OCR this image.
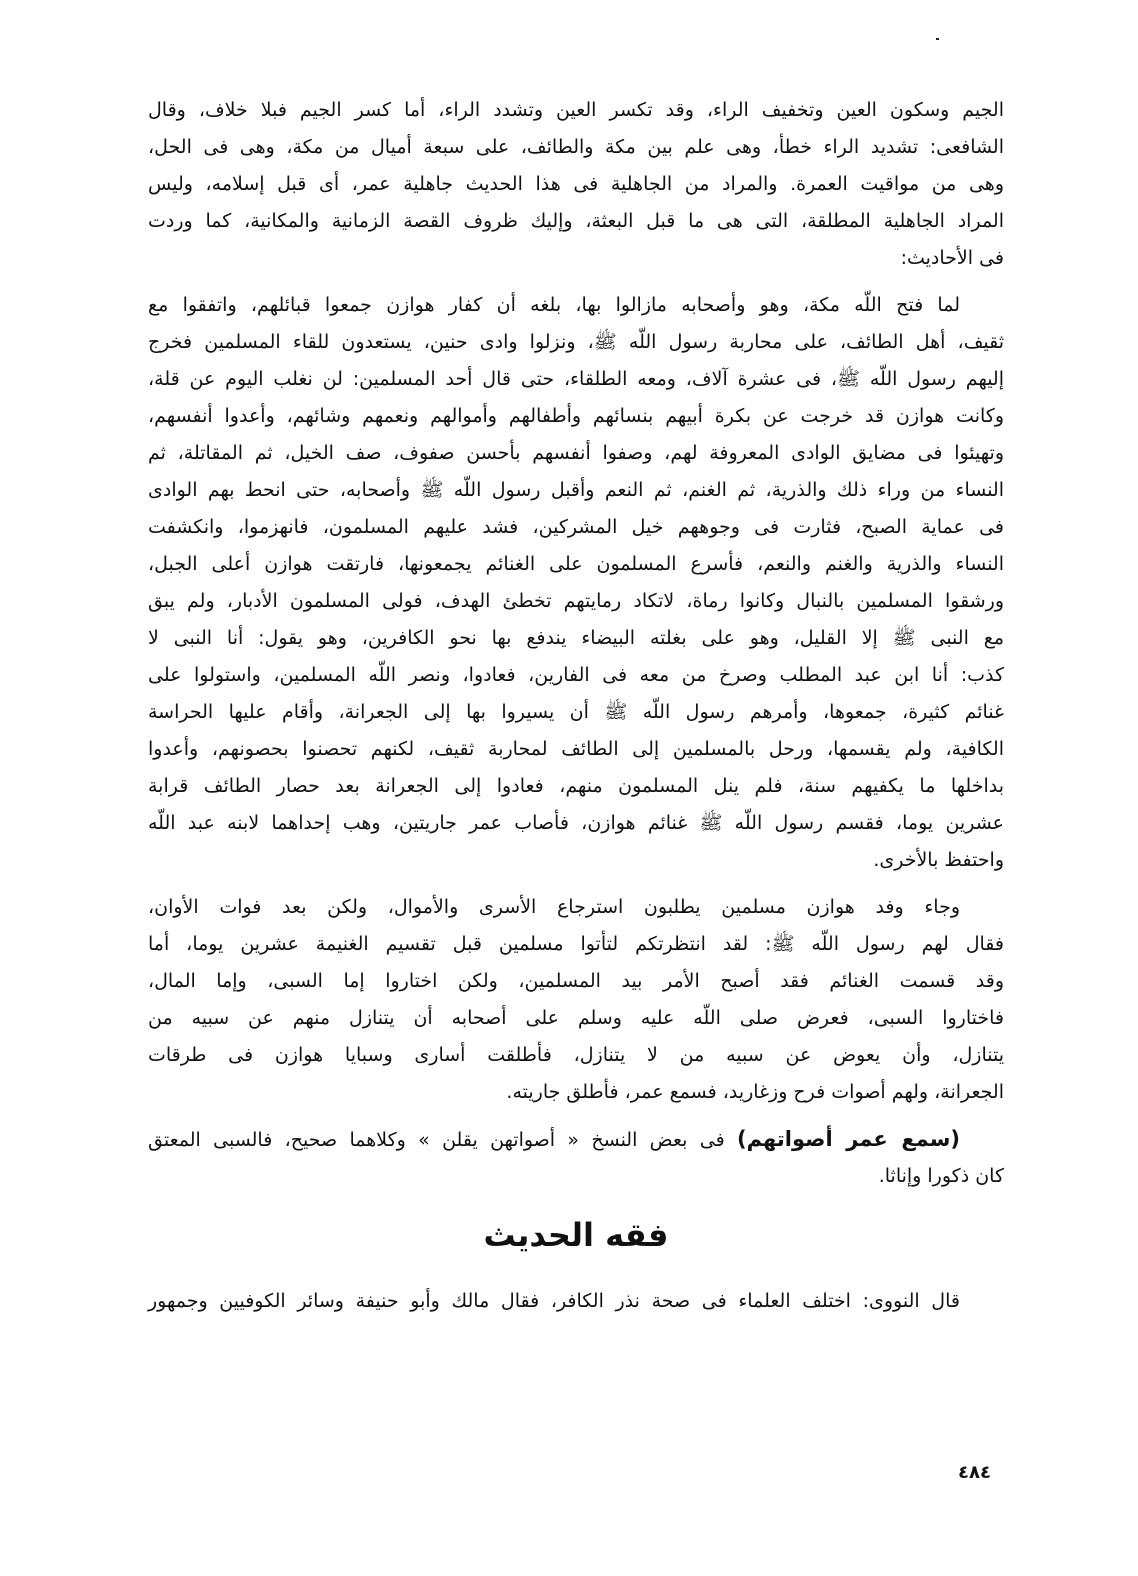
الجيم وسكون العين وتخفيف الراء، وقد تكسر العين وتشدد الراء، أما كسر الجيم فبلا خلاف، وقال
الشافعى: تشديد الراء خطأ، وهى علم بين مكة والطائف، على سبعة أميال من مكة، وهى فى الحل،
وهى من مواقيت العمرة. والمراد من الجاهلية فى هذا الحديث جاهلية عمر، أى قبل إسلامه، وليس
المراد الجاهلية المطلقة، التى هى ما قبل البعثة، وإليك ظروف القصة الزمانية والمكانية، كما وردت
فى الأحاديث:
لما فتح اللّه مكة، وهو وأصحابه مازالوا بها، بلغه أن كفار هوازن جمعوا قبائلهم، واتفقوا مع
ثقيف، أهل الطائف، على محاربة رسول اللّه ﷺ، ونزلوا وادى حنين، يستعدون للقاء المسلمين فخرج
إليهم رسول اللّه ﷺ، فى عشرة آلاف، ومعه الطلقاء، حتى قال أحد المسلمين: لن نغلب اليوم عن قلة،
وكانت هوازن قد خرجت عن بكرة أبيهم بنسائهم وأطفالهم وأموالهم ونعمهم وشائهم، وأعدوا أنفسهم،
وتهيئوا فى مضايق الوادى المعروفة لهم، وصفوا أنفسهم بأحسن صفوف، صف الخيل، ثم المقاتلة، ثم
النساء من وراء ذلك والذرية، ثم الغنم، ثم النعم وأقبل رسول اللّه ﷺ وأصحابه، حتى انحط بهم الوادى
فى عماية الصبح، فثارت فى وجوههم خيل المشركين، فشد عليهم المسلمون، فانهزموا، وانكشفت
النساء والذرية والغنم والنعم، فأسرع المسلمون على الغنائم يجمعونها، فارتقت هوازن أعلى الجبل،
ورشقوا المسلمين بالنبال وكانوا رماة، لاتكاد رمايتهم تخطئ الهدف، فولى المسلمون الأدبار، ولم يبق
مع النبى ﷺ إلا القليل، وهو على بغلته البيضاء يندفع بها نحو الكافرين، وهو يقول: أنا النبى لا
كذب: أنا ابن عبد المطلب وصرخ من معه فى الفارين، فعادوا، ونصر اللّه المسلمين، واستولوا على
غنائم كثيرة، جمعوها، وأمرهم رسول اللّه ﷺ أن يسيروا بها إلى الجعرانة، وأقام عليها الحراسة
الكافية، ولم يقسمها، ورحل بالمسلمين إلى الطائف لمحاربة ثقيف، لكنهم تحصنوا بحصونهم، وأعدوا
بداخلها ما يكفيهم سنة، فلم ينل المسلمون منهم، فعادوا إلى الجعرانة بعد حصار الطائف قرابة
عشرين يوما، فقسم رسول اللّه ﷺ غنائم هوازن، فأصاب عمر جاريتين، وهب إحداهما لابنه عبد اللّه
واحتفظ بالأخرى.
وجاء وفد هوازن مسلمين يطلبون استرجاع الأسرى والأموال، ولكن بعد فوات الأوان،
فقال لهم رسول اللّه ﷺ: لقد انتظرتكم لتأتوا مسلمين قبل تقسيم الغنيمة عشرين يوما، أما
وقد قسمت الغنائم فقد أصبح الأمر بيد المسلمين، ولكن اختاروا إما السبى، وإما المال،
فاختاروا السبى، فعرض صلى اللّه عليه وسلم على أصحابه أن يتنازل منهم عن سبيه من
يتنازل، وأن يعوض عن سبيه من لا يتنازل، فأطلقت أسارى وسبايا هوازن فى طرقات
الجعرانة، ولهم أصوات فرح وزغاريد، فسمع عمر، فأطلق جاريته.
(سمع عمر أصواتهم) فى بعض النسخ « أصواتهن يقلن » وكلاهما صحيح، فالسبى المعتق
كان ذكورا وإناثا.
فقه الحديث
قال النووى: اختلف العلماء فى صحة نذر الكافر، فقال مالك وأبو حنيفة وسائر الكوفيين وجمهور
٤٨٤
